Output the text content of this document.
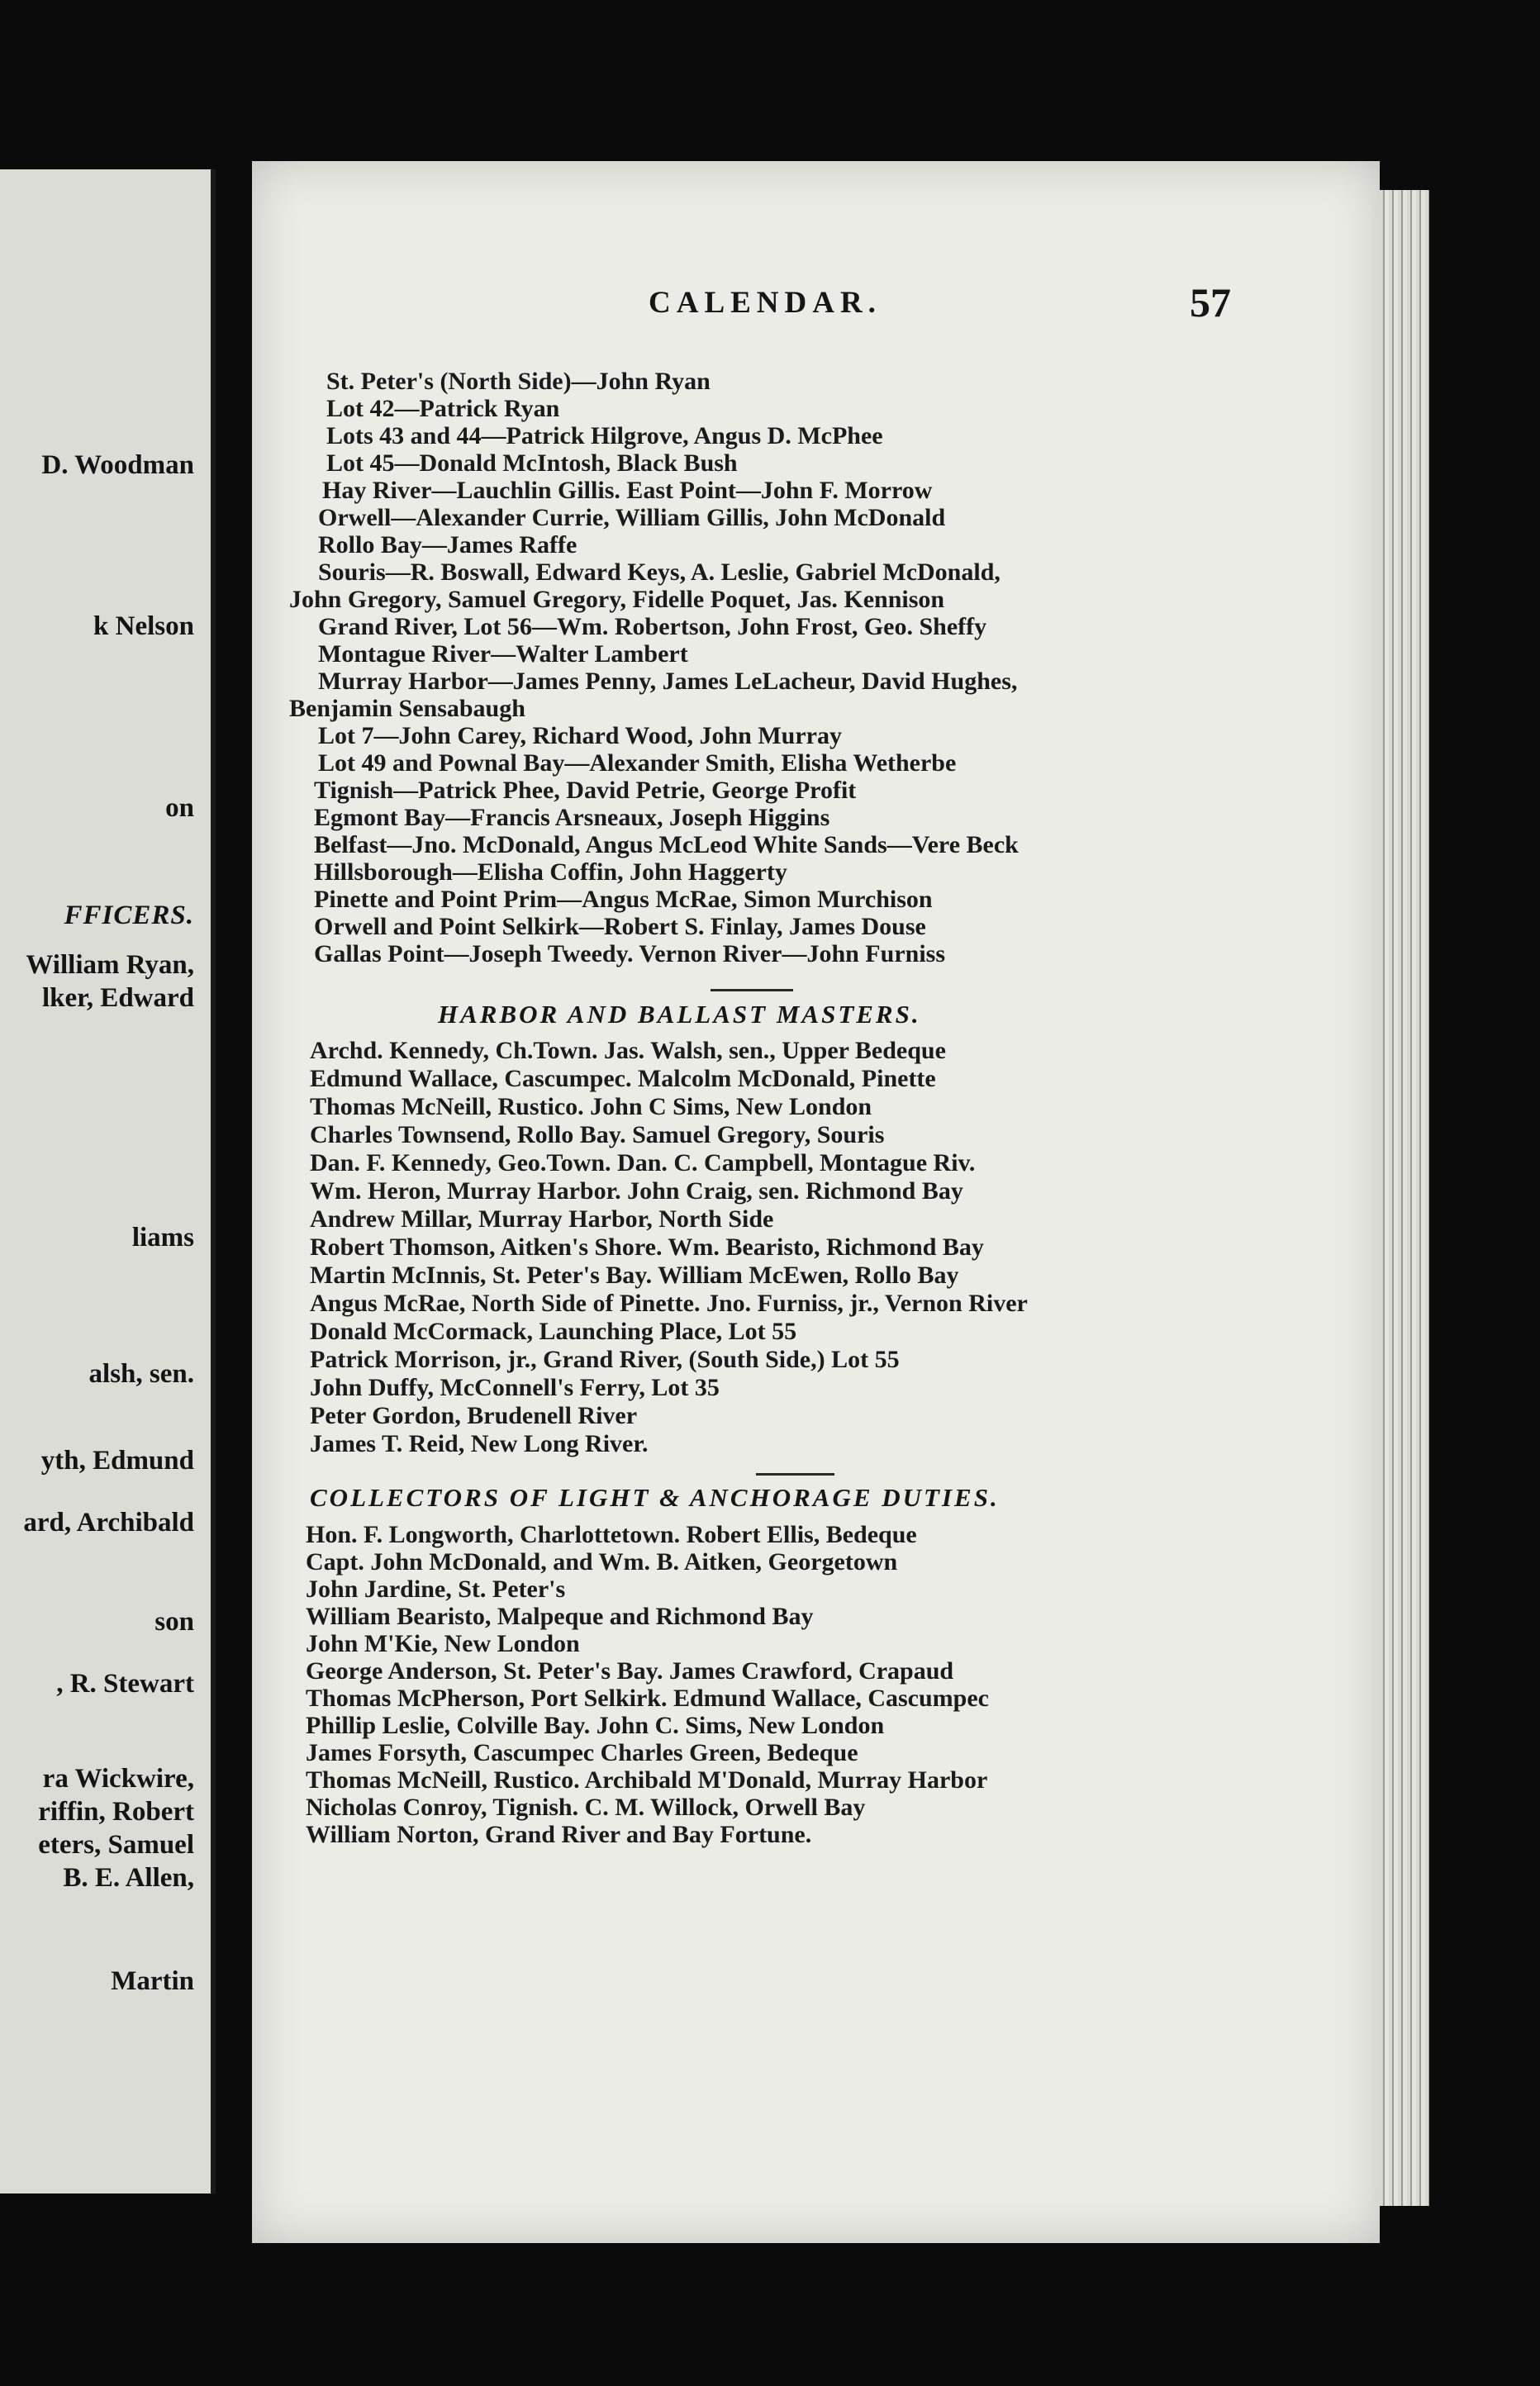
D. Woodman

k Nelson

on

FFICERS.

William Ryan,

lker, Edward

liams

alsh, sen.

yth, Edmund

ard, Archibald

son

, R. Stewart

ra Wickwire,

riffin, Robert

eters, Samuel

B. E. Allen,

Martin

CALENDAR.	57

St. Peter's (North Side)—John Ryan

Lot 42—Patrick Ryan

Lots 43 and 44—Patrick Hilgrove, Angus D. McPhee

Lot 45—Donald McIntosh, Black Bush

Hay River—Lauchlin Gillis. East Point—John F. Morrow

Orwell—Alexander Currie, William Gillis, John McDonald

Rollo Bay—James Raffe

Souris—R. Boswall, Edward Keys, A. Leslie, Gabriel McDonald,

John Gregory, Samuel Gregory, Fidelle Poquet, Jas. Kennison

Grand River, Lot 56—Wm. Robertson, John Frost, Geo. Sheffy

Montague River—Walter Lambert

Murray Harbor—James Penny, James LeLacheur, David Hughes,

Benjamin Sensabaugh

Lot 7—John Carey, Richard Wood, John Murray

Lot 49 and Pownal Bay—Alexander Smith, Elisha Wetherbe

Tignish—Patrick Phee, David Petrie, George Profit

Egmont Bay—Francis Arsneaux, Joseph Higgins

Belfast—Jno. McDonald, Angus McLeod White Sands—Vere Beck

Hillsborough—Elisha Coffin, John Haggerty

Pinette and Point Prim—Angus McRae, Simon Murchison

Orwell and Point Selkirk—Robert S. Finlay, James Douse

Gallas Point—Joseph Tweedy. Vernon River—John Furniss

HARBOR AND BALLAST MASTERS.

Archd. Kennedy, Ch.Town. Jas. Walsh, sen., Upper Bedeque

Edmund Wallace, Cascumpec. Malcolm McDonald, Pinette

Thomas McNeill, Rustico. John C Sims, New London

Charles Townsend, Rollo Bay. Samuel Gregory, Souris

Dan. F. Kennedy, Geo.Town. Dan. C. Campbell, Montague Riv.

Wm. Heron, Murray Harbor. John Craig, sen. Richmond Bay

Andrew Millar, Murray Harbor, North Side

Robert Thomson, Aitken's Shore. Wm. Bearisto, Richmond Bay

Martin McInnis, St. Peter's Bay. William McEwen, Rollo Bay

Angus McRae, North Side of Pinette. Jno. Furniss, jr., Vernon River

Donald McCormack, Launching Place, Lot 55

Patrick Morrison, jr., Grand River, (South Side,) Lot 55

John Duffy, McConnell's Ferry, Lot 35

Peter Gordon, Brudenell River

James T. Reid, New Long River.

COLLECTORS OF LIGHT & ANCHORAGE DUTIES.

Hon. F. Longworth, Charlottetown. Robert Ellis, Bedeque

Capt. John McDonald, and Wm. B. Aitken, Georgetown

John Jardine, St. Peter's

William Bearisto, Malpeque and Richmond Bay

John M'Kie, New London

George Anderson, St. Peter's Bay. James Crawford, Crapaud

Thomas McPherson, Port Selkirk. Edmund Wallace, Cascumpec

Phillip Leslie, Colville Bay. John C. Sims, New London

James Forsyth, Cascumpec Charles Green, Bedeque

Thomas McNeill, Rustico. Archibald M'Donald, Murray Harbor

Nicholas Conroy, Tignish. C. M. Willock, Orwell Bay

William Norton, Grand River and Bay Fortune.
